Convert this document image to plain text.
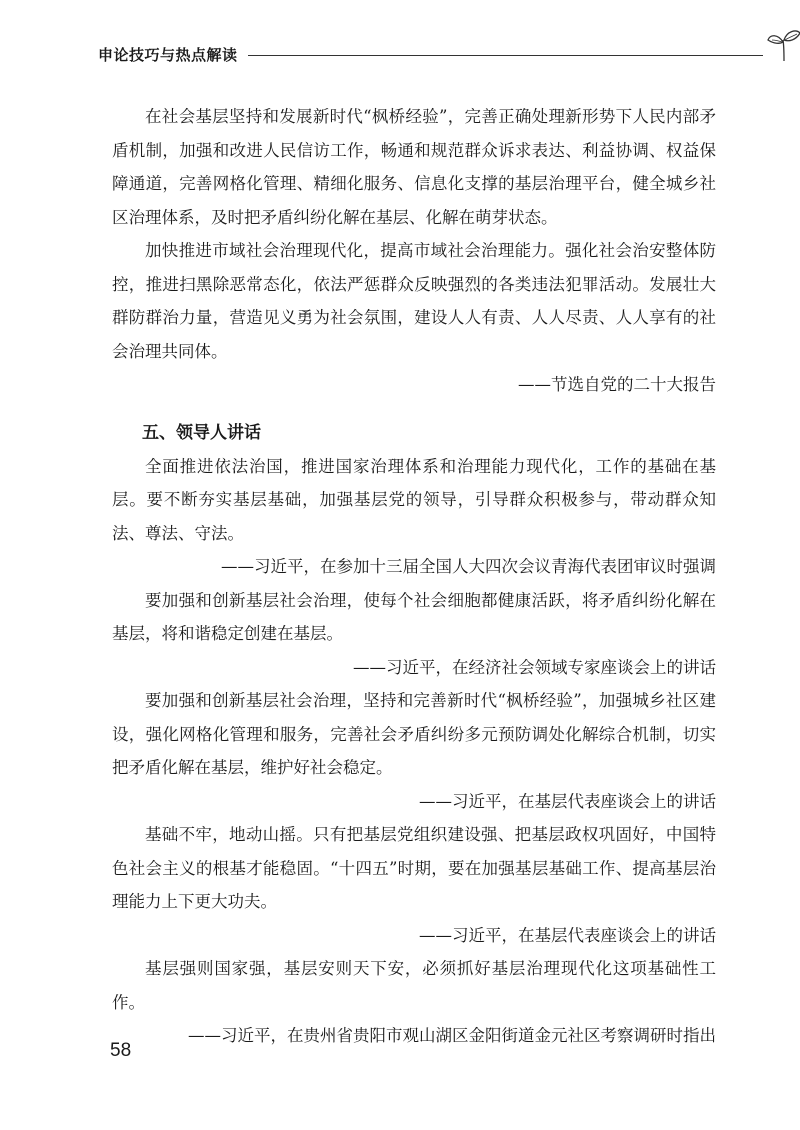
申论技巧与热点解读

在社会基层坚持和发展新时代“枫桥经验”，完善正确处理新形势下人民内部矛盾机制，加强和改进人民信访工作，畅通和规范群众诉求表达、利益协调、权益保障通道，完善网格化管理、精细化服务、信息化支撑的基层治理平台，健全城乡社区治理体系，及时把矛盾纠纷化解在基层、化解在萌芽状态。

加快推进市域社会治理现代化，提高市域社会治理能力。强化社会治安整体防控，推进扫黑除恶常态化，依法严惩群众反映强烈的各类违法犯罪活动。发展壮大群防群治力量，营造见义勇为社会氛围，建设人人有责、人人尽责、人人享有的社会治理共同体。

——节选自党的二十大报告

五、领导人讲话

全面推进依法治国，推进国家治理体系和治理能力现代化，工作的基础在基层。要不断夯实基层基础，加强基层党的领导，引导群众积极参与，带动群众知法、尊法、守法。

——习近平，在参加十三届全国人大四次会议青海代表团审议时强调

要加强和创新基层社会治理，使每个社会细胞都健康活跃，将矛盾纠纷化解在基层，将和谐稳定创建在基层。

——习近平，在经济社会领域专家座谈会上的讲话

要加强和创新基层社会治理，坚持和完善新时代“枫桥经验”，加强城乡社区建设，强化网格化管理和服务，完善社会矛盾纠纷多元预防调处化解综合机制，切实把矛盾化解在基层，维护好社会稳定。

——习近平，在基层代表座谈会上的讲话

基础不牢，地动山摇。只有把基层党组织建设强、把基层政权巩固好，中国特色社会主义的根基才能稳固。“十四五”时期，要在加强基层基础工作、提高基层治理能力上下更大功夫。

——习近平，在基层代表座谈会上的讲话

基层强则国家强，基层安则天下安，必须抓好基层治理现代化这项基础性工作。

——习近平，在贵州省贵阳市观山湖区金阳街道金元社区考察调研时指出

58
